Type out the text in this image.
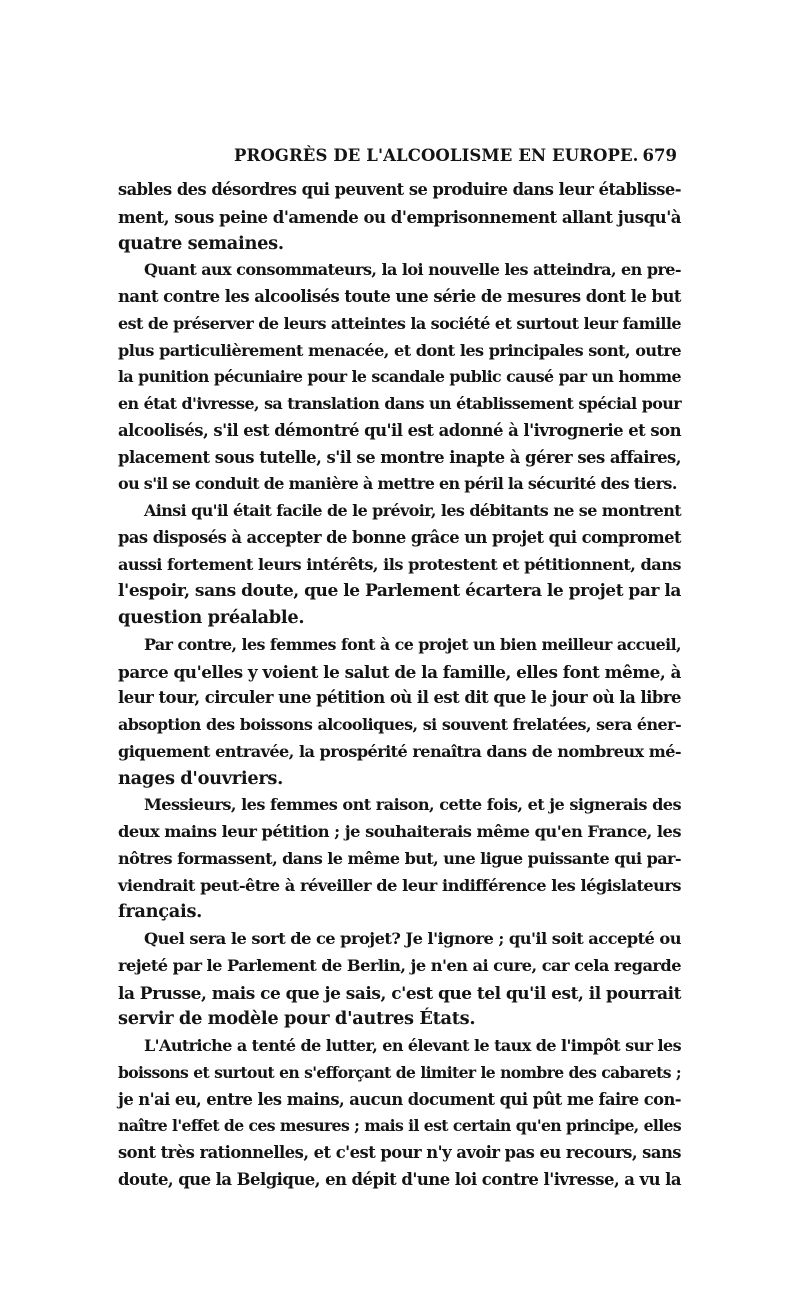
PROGRÈS DE L'ALCOOLISME EN EUROPE. 679
sables des désordres qui peuvent se produire dans leur établisse-
ment, sous peine d'amende ou d'emprisonnement allant jusqu'à
quatre semaines.
Quant aux consommateurs, la loi nouvelle les atteindra, en pre-
nant contre les alcoolisés toute une série de mesures dont le but
est de préserver de leurs atteintes la société et surtout leur famille
plus particulièrement menacée, et dont les principales sont, outre
la punition pécuniaire pour le scandale public causé par un homme
en état d'ivresse, sa translation dans un établissement spécial pour
alcoolisés, s'il est démontré qu'il est adonné à l'ivrognerie et son
placement sous tutelle, s'il se montre inapte à gérer ses affaires,
ou s'il se conduit de manière à mettre en péril la sécurité des tiers.
Ainsi qu'il était facile de le prévoir, les débitants ne se montrent
pas disposés à accepter de bonne grâce un projet qui compromet
aussi fortement leurs intérêts, ils protestent et pétitionnent, dans
l'espoir, sans doute, que le Parlement écartera le projet par la
question préalable.
Par contre, les femmes font à ce projet un bien meilleur accueil,
parce qu'elles y voient le salut de la famille, elles font même, à
leur tour, circuler une pétition où il est dit que le jour où la libre
absoption des boissons alcooliques, si souvent frelatées, sera éner-
giquement entravée, la prospérité renaîtra dans de nombreux mé-
nages d'ouvriers.
Messieurs, les femmes ont raison, cette fois, et je signerais des
deux mains leur pétition ; je souhaiterais même qu'en France, les
nôtres formassent, dans le même but, une ligue puissante qui par-
viendrait peut-être à réveiller de leur indifférence les législateurs
français.
Quel sera le sort de ce projet? Je l'ignore ; qu'il soit accepté ou
rejeté par le Parlement de Berlin, je n'en ai cure, car cela regarde
la Prusse, mais ce que je sais, c'est que tel qu'il est, il pourrait
servir de modèle pour d'autres États.
L'Autriche a tenté de lutter, en élevant le taux de l'impôt sur les
boissons et surtout en s'efforçant de limiter le nombre des cabarets ;
je n'ai eu, entre les mains, aucun document qui pût me faire con-
naître l'effet de ces mesures ; mais il est certain qu'en principe, elles
sont très rationnelles, et c'est pour n'y avoir pas eu recours, sans
doute, que la Belgique, en dépit d'une loi contre l'ivresse, a vu la
